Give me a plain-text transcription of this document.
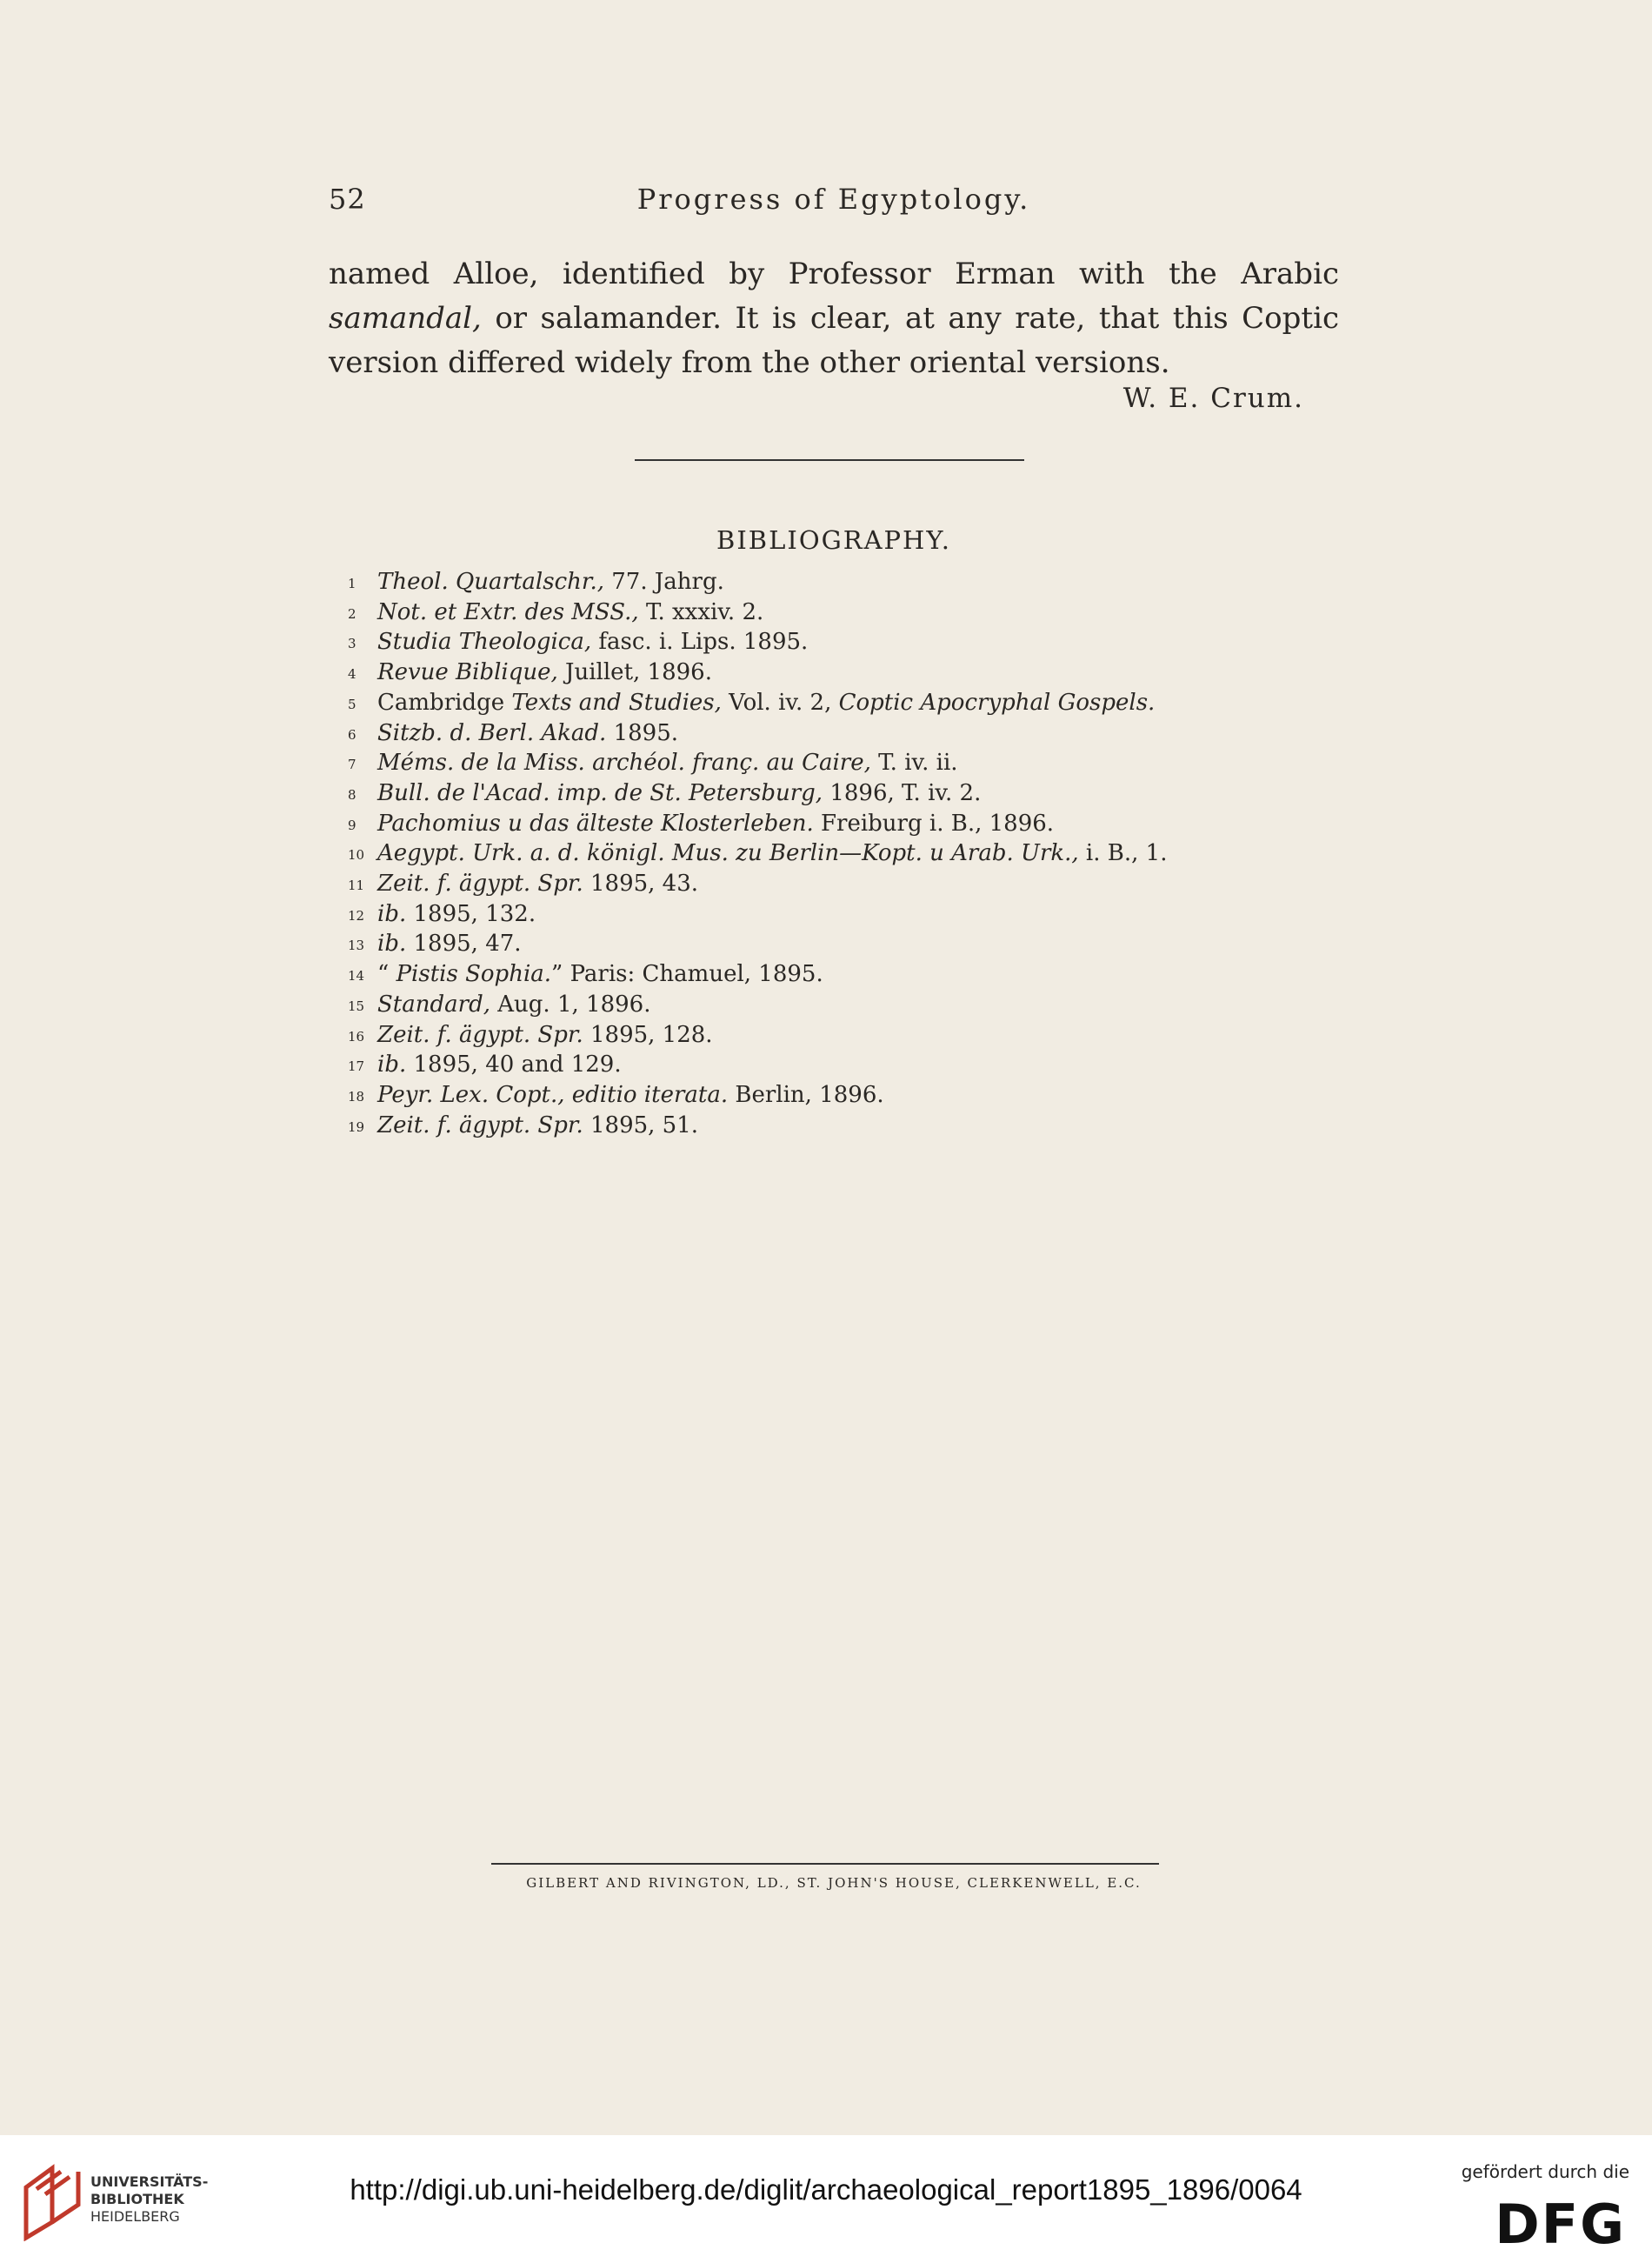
52	Progress of Egyptology.

named Alloe, identified by Professor Erman with the Arabic samandal, or salamander. It is clear, at any rate, that this Coptic version differed widely from the other oriental versions.

W. E. Crum.
BIBLIOGRAPHY.
$^1$ Theol. Quartalschr., 77. Jahrg.
$^2$ Not. et Extr. des MSS., T. xxxiv. 2.
$^3$ Studia Theologica, fasc. i. Lips. 1895.
$^4$ Revue Biblique, Juillet, 1896.
$^5$ Cambridge Texts and Studies, Vol. iv. 2, Coptic Apocryphal Gospels.
$^6$ Sitzb. d. Berl. Akad. 1895.
$^7$ Méms. de la Miss. archéol. franç. au Caire, T. iv. ii.
$^8$ Bull. de l'Acad. imp. de St. Petersburg, 1896, T. iv. 2.
$^9$ Pachomius u das älteste Klosterleben. Freiburg i. B., 1896.
$^{10}$ Aegypt. Urk. a. d. königl. Mus. zu Berlin—Kopt. u Arab. Urk., i. B., 1.
$^{11}$ Zeit. f. ägypt. Spr. 1895, 43.
$^{12}$ ib. 1895, 132.
$^{13}$ ib. 1895, 47.
$^{14}$ “ Pistis Sophia.” Paris: Chamuel, 1895.
$^{15}$ Standard, Aug. 1, 1896.
$^{16}$ Zeit. f. ägypt. Spr. 1895, 128.
$^{17}$ ib. 1895, 40 and 129.
$^{18}$ Peyr. Lex. Copt., editio iterata. Berlin, 1896.
$^{19}$ Zeit. f. ägypt. Spr. 1895, 51.
GILBERT AND RIVINGTON, LD., ST. JOHN'S HOUSE, CLERKENWELL, E.C.
UNIVERSITÄTS-
BIBLIOTHEK
HEIDELBERG
http://digi.ub.uni-heidelberg.de/diglit/archaeological_report1895_1896/0064
gefördert durch die
DFG
